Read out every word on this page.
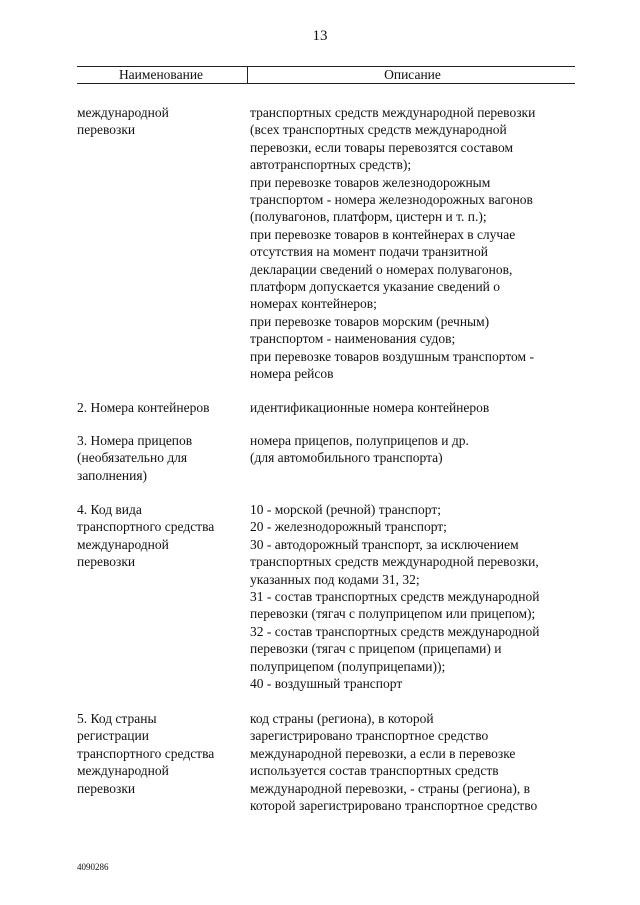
13
Наименование	Описание
международной
перевозки
транспортных средств международной перевозки
(всех транспортных средств международной
перевозки, если товары перевозятся составом
автотранспортных средств);
при перевозке товаров железнодорожным
транспортом - номера железнодорожных вагонов
(полувагонов, платформ, цистерн и т. п.);
при перевозке товаров в контейнерах в случае
отсутствия на момент подачи транзитной
декларации сведений о номерах полувагонов,
платформ допускается указание сведений о
номерах контейнеров;
при перевозке товаров морским (речным)
транспортом - наименования судов;
при перевозке товаров воздушным транспортом -
номера рейсов
2. Номера контейнеров	идентификационные номера контейнеров
3. Номера прицепов
(необязательно для
заполнения)
номера прицепов, полуприцепов и др.
(для автомобильного транспорта)
4. Код вида
транспортного средства
международной
перевозки
10 - морской (речной) транспорт;
20 - железнодорожный транспорт;
30 - автодорожный транспорт, за исключением
транспортных средств международной перевозки,
указанных под кодами 31, 32;
31 - состав транспортных средств международной
перевозки (тягач с полуприцепом или прицепом);
32 - состав транспортных средств международной
перевозки (тягач с прицепом (прицепами) и
полуприцепом (полуприцепами));
40 - воздушный транспорт
5. Код страны
регистрации
транспортного средства
международной
перевозки
код страны (региона), в которой
зарегистрировано транспортное средство
международной перевозки, а если в перевозке
используется состав транспортных средств
международной перевозки, - страны (региона), в
которой зарегистрировано транспортное средство
4090286
